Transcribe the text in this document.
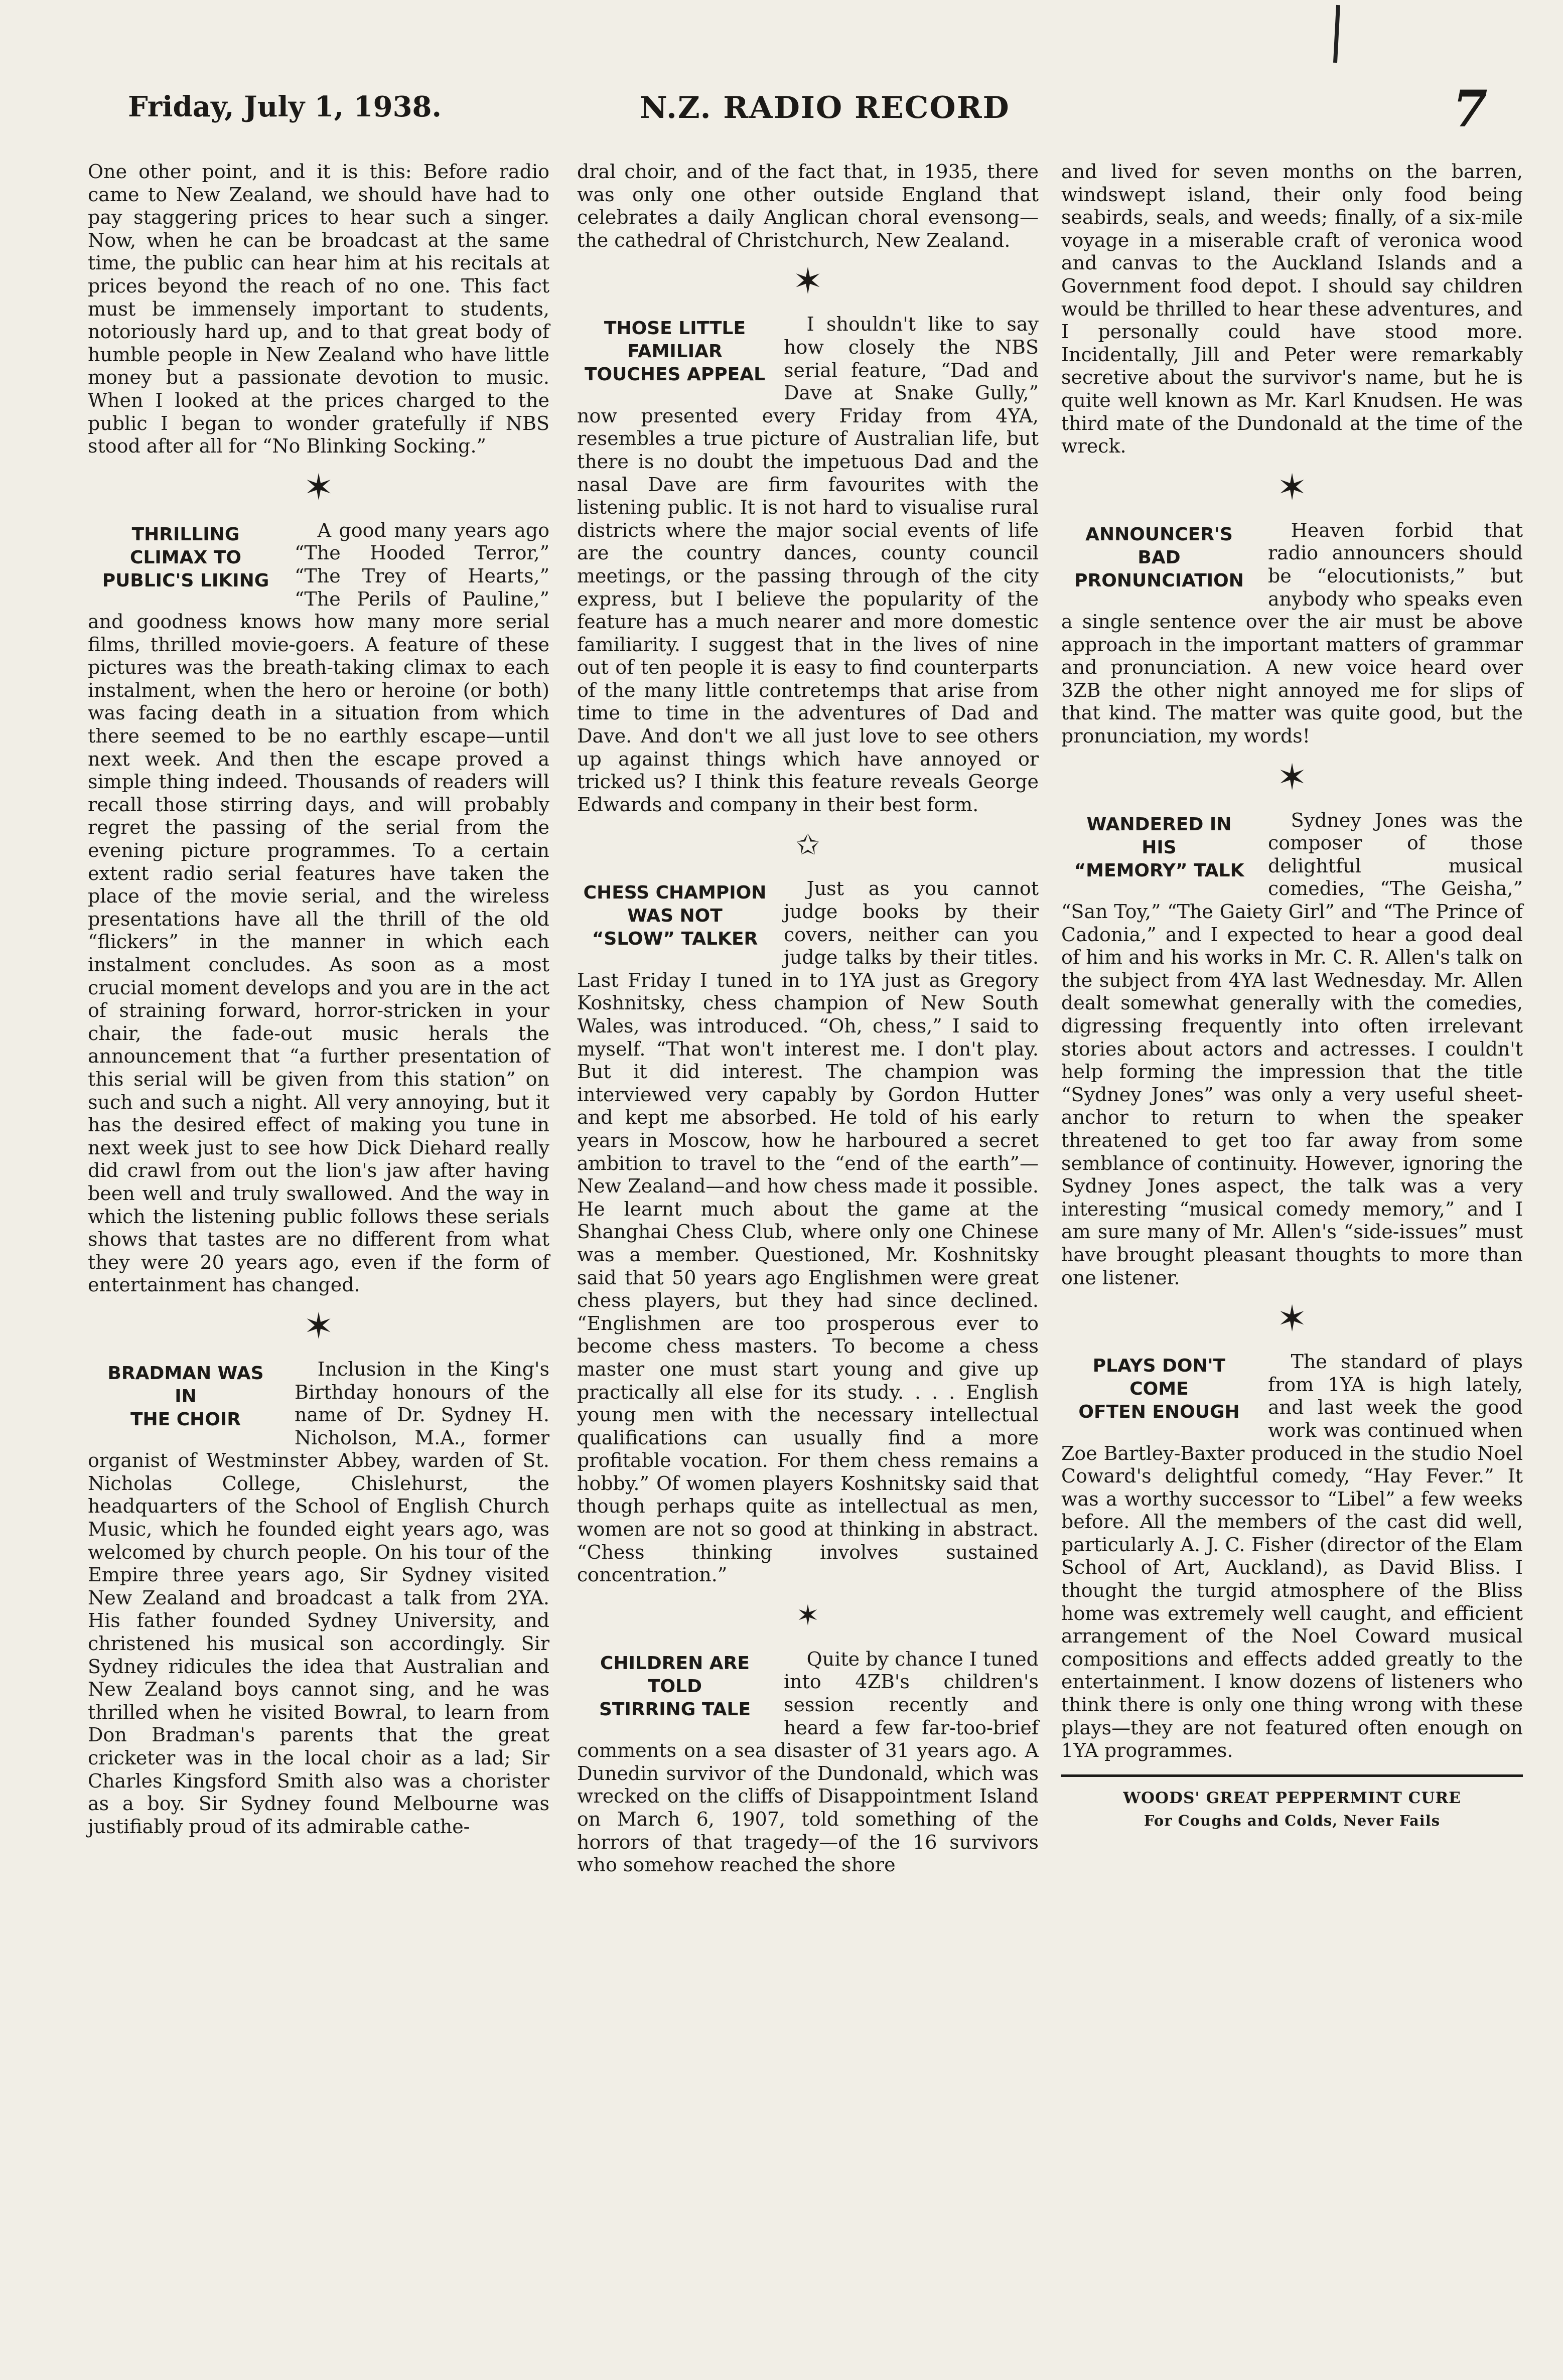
Friday, July 1, 1938.	N.Z. RADIO RECORD	7

One other point, and it is this: Before radio came to New Zealand, we should have had to pay staggering prices to hear such a singer. Now, when he can be broadcast at the same time, the public can hear him at his recitals at prices beyond the reach of no one. This fact must be immensely important to students, notoriously hard up, and to that great body of humble people in New Zealand who have little money but a passionate devotion to music. When I looked at the prices charged to the public I began to wonder gratefully if NBS stood after all for “No Blinking Socking.”

✶
THRILLING
CLIMAX TO
PUBLIC'S LIKING

A good many years ago “The Hooded Terror,” “The Trey of Hearts,” “The Perils of Pauline,” and goodness knows how many more serial films, thrilled movie-goers. A feature of these pictures was the breath-taking climax to each instalment, when the hero or heroine (or both) was facing death in a situation from which there seemed to be no earthly escape—until next week. And then the escape proved a simple thing indeed. Thousands of readers will recall those stirring days, and will probably regret the passing of the serial from the evening picture programmes. To a certain extent radio serial features have taken the place of the movie serial, and the wireless presentations have all the thrill of the old “flickers” in the manner in which each instalment concludes. As soon as a most crucial moment develops and you are in the act of straining forward, horror-stricken in your chair, the fade-out music herals the announcement that “a further presentation of this serial will be given from this station” on such and such a night. All very annoying, but it has the desired effect of making you tune in next week just to see how Dick Diehard really did crawl from out the lion's jaw after having been well and truly swallowed. And the way in which the listening public follows these serials shows that tastes are no different from what they were 20 years ago, even if the form of entertainment has changed.

✶
BRADMAN WAS
IN
THE CHOIR

Inclusion in the King's Birthday honours of the name of Dr. Sydney H. Nicholson, M.A., former organist of Westminster Abbey, warden of St. Nicholas College, Chislehurst, the headquarters of the School of English Church Music, which he founded eight years ago, was welcomed by church people. On his tour of the Empire three years ago, Sir Sydney visited New Zealand and broadcast a talk from 2YA. His father founded Sydney University, and christened his musical son accordingly. Sir Sydney ridicules the idea that Australian and New Zealand boys cannot sing, and he was thrilled when he visited Bowral, to learn from Don Bradman's parents that the great cricketer was in the local choir as a lad; Sir Charles Kingsford Smith also was a chorister as a boy. Sir Sydney found Melbourne was justifiably proud of its admirable cathe-

dral choir, and of the fact that, in 1935, there was only one other outside England that celebrates a daily Anglican choral evensong—the cathedral of Christchurch, New Zealand.

✶
THOSE LITTLE
FAMILIAR
TOUCHES APPEAL

I shouldn't like to say how closely the NBS serial feature, “Dad and Dave at Snake Gully,” now presented every Friday from 4YA, resembles a true picture of Australian life, but there is no doubt the impetuous Dad and the nasal Dave are firm favourites with the listening public. It is not hard to visualise rural districts where the major social events of life are the country dances, county council meetings, or the passing through of the city express, but I believe the popularity of the feature has a much nearer and more domestic familiarity. I suggest that in the lives of nine out of ten people it is easy to find counterparts of the many little contretemps that arise from time to time in the adventures of Dad and Dave. And don't we all just love to see others up against things which have annoyed or tricked us? I think this feature reveals George Edwards and company in their best form.

✩
CHESS CHAMPION
WAS NOT
“SLOW” TALKER

Just as you cannot judge books by their covers, neither can you judge talks by their titles. Last Friday I tuned in to 1YA just as Gregory Koshnitsky, chess champion of New South Wales, was introduced. “Oh, chess,” I said to myself. “That won't interest me. I don't play. But it did interest. The champion was interviewed very capably by Gordon Hutter and kept me absorbed. He told of his early years in Moscow, how he harboured a secret ambition to travel to the “end of the earth”—New Zealand—and how chess made it possible. He learnt much about the game at the Shanghai Chess Club, where only one Chinese was a member. Questioned, Mr. Koshnitsky said that 50 years ago Englishmen were great chess players, but they had since declined. “Englishmen are too prosperous ever to become chess masters. To become a chess master one must start young and give up practically all else for its study. . . . English young men with the necessary intellectual qualifications can usually find a more profitable vocation. For them chess remains a hobby.” Of women players Koshnitsky said that though perhaps quite as intellectual as men, women are not so good at thinking in abstract. “Chess thinking involves sustained concentration.”

✶
CHILDREN ARE
TOLD
STIRRING TALE

Quite by chance I tuned into 4ZB's children's session recently and heard a few far-too-brief comments on a sea disaster of 31 years ago. A Dunedin survivor of the Dundonald, which was wrecked on the cliffs of Disappointment Island on March 6, 1907, told something of the horrors of that tragedy—of the 16 survivors who somehow reached the shore

and lived for seven months on the barren, windswept island, their only food being seabirds, seals, and weeds; finally, of a six-mile voyage in a miserable craft of veronica wood and canvas to the Auckland Islands and a Government food depot. I should say children would be thrilled to hear these adventures, and I personally could have stood more. Incidentally, Jill and Peter were remarkably secretive about the survivor's name, but he is quite well known as Mr. Karl Knudsen. He was third mate of the Dundonald at the time of the wreck.

✶
ANNOUNCER'S
BAD
PRONUNCIATION

Heaven forbid that radio announcers should be “elocutionists,” but anybody who speaks even a single sentence over the air must be above approach in the important matters of grammar and pronunciation. A new voice heard over 3ZB the other night annoyed me for slips of that kind. The matter was quite good, but the pronunciation, my words!

✶
WANDERED IN
HIS
“MEMORY” TALK

Sydney Jones was the composer of those delightful musical comedies, “The Geisha,” “San Toy,” “The Gaiety Girl” and “The Prince of Cadonia,” and I expected to hear a good deal of him and his works in Mr. C. R. Allen's talk on the subject from 4YA last Wednesday. Mr. Allen dealt somewhat generally with the comedies, digressing frequently into often irrelevant stories about actors and actresses. I couldn't help forming the impression that the title “Sydney Jones” was only a very useful sheet-anchor to return to when the speaker threatened to get too far away from some semblance of continuity. However, ignoring the Sydney Jones aspect, the talk was a very interesting “musical comedy memory,” and I am sure many of Mr. Allen's “side-issues” must have brought pleasant thoughts to more than one listener.

✶
PLAYS DON'T
COME
OFTEN ENOUGH

The standard of plays from 1YA is high lately, and last week the good work was continued when Zoe Bartley-Baxter produced in the studio Noel Coward's delightful comedy, “Hay Fever.” It was a worthy successor to “Libel” a few weeks before. All the members of the cast did well, particularly A. J. C. Fisher (director of the Elam School of Art, Auckland), as David Bliss. I thought the turgid atmosphere of the Bliss home was extremely well caught, and efficient arrangement of the Noel Coward musical compositions and effects added greatly to the entertainment. I know dozens of listeners who think there is only one thing wrong with these plays—they are not featured often enough on 1YA programmes.

WOODS' GREAT PEPPERMINT CURE
For Coughs and Colds, Never Fails
